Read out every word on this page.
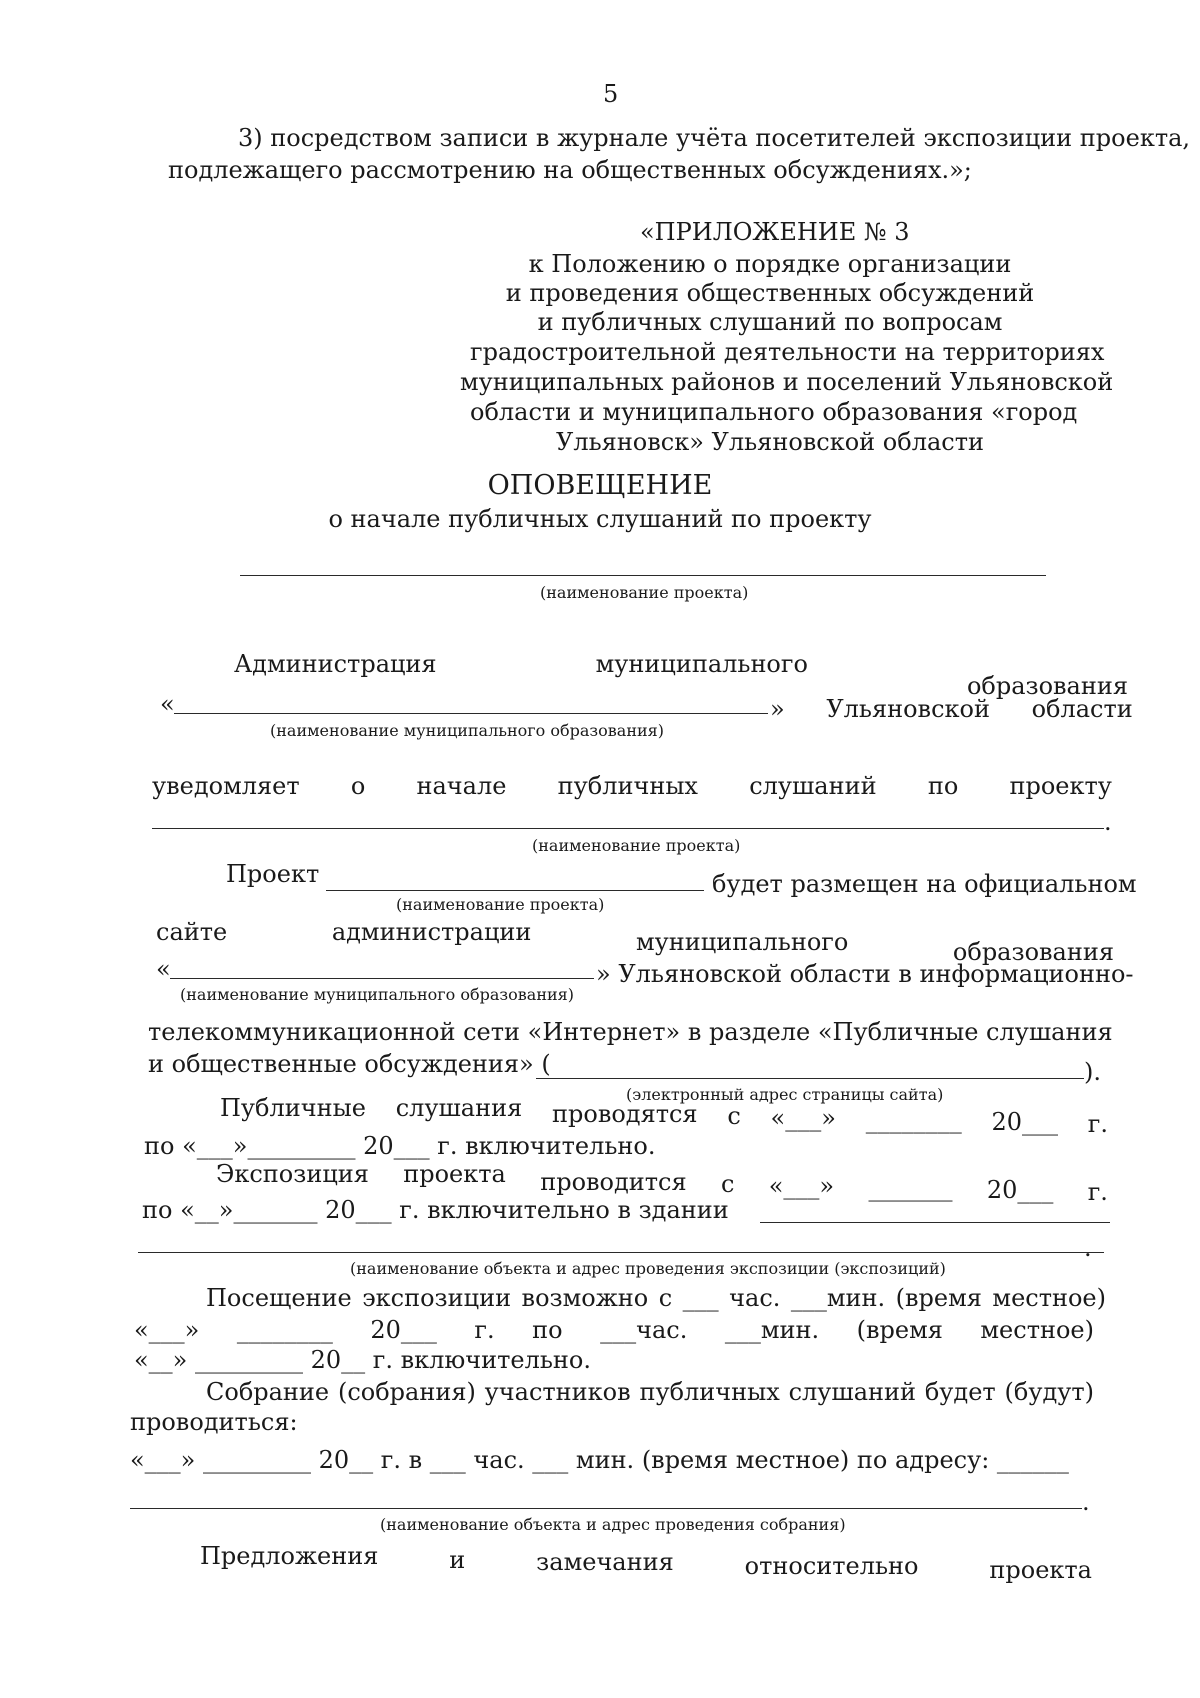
5
3) посредством записи в журнале учёта посетителей экспозиции проекта,
подлежащего рассмотрению на общественных обсуждениях.»;
«ПРИЛОЖЕНИЕ № 3
к Положению о порядке организации
и проведения общественных обсуждений
и публичных слушаний по вопросам
градостроительной деятельности на территориях
муниципальных районов и поселений Ульяновской
области и муниципального образования «город
Ульяновск» Ульяновской области
ОПОВЕЩЕНИЕ
о начале публичных слушаний по проекту
(наименование проекта)
Администрация	муниципального
образования
«	» Ульяновской области
(наименование муниципального образования)
уведомляет о начале публичных слушаний по проекту
.
(наименование проекта)
Проект	будет размещен на официальном
(наименование проекта)
сайте	администрации	муниципального	образования
«	» Ульяновской области в информационно-
(наименование муниципального образования)
телекоммуникационной сети «Интернет» в разделе «Публичные слушания
и общественные обсуждения» (	).
(электронный адрес страницы сайта)
Публичные слушания проводятся с «___» ________ 20___ г.
по «___»_________ 20___ г. включительно.
Экспозиция проекта проводится с «___» _______ 20___ г.
по «__»_______ 20___ г. включительно в здании
(наименование объекта и адрес проведения экспозиции (экспозиций)
.
Посещение экспозиции возможно с ___ час. ___мин. (время местное)
«___» ________ 20___ г. по ___час. ___мин. (время местное)
«__» _________ 20__ г. включительно.
Собрание (собрания) участников публичных слушаний будет (будут)
проводиться:
«___» _________ 20__ г. в ___ час. ___ мин. (время местное) по адресу: ______
.
(наименование объекта и адрес проведения собрания)
Предложения	и	замечания	относительно	проекта
